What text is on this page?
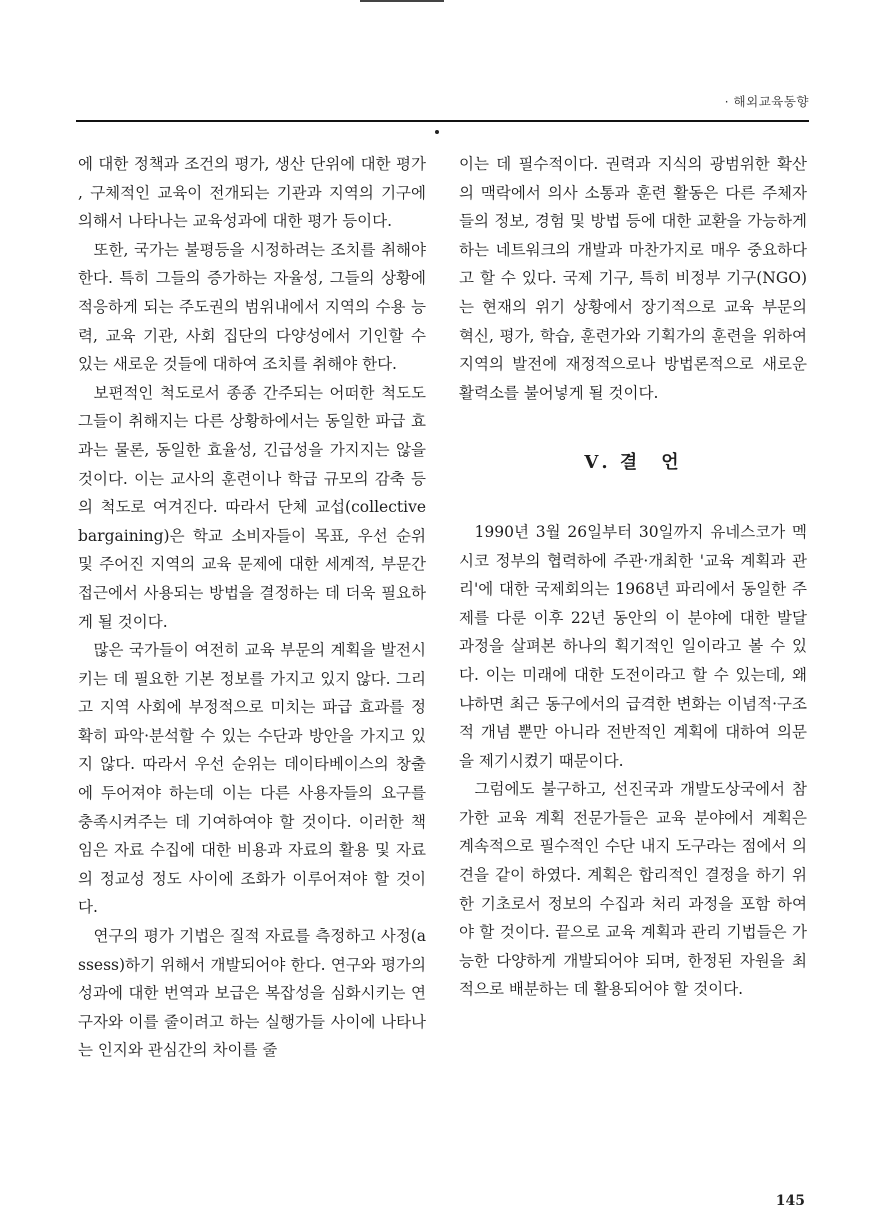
· 해외교육동향

에 대한 정책과 조건의 평가, 생산 단위에 대한 평가, 구체적인 교육이 전개되는 기관과 지역의 기구에 의해서 나타나는 교육성과에 대한 평가 등이다.

또한, 국가는 불평등을 시정하려는 조치를 취해야 한다. 특히 그들의 증가하는 자율성, 그들의 상황에 적응하게 되는 주도권의 범위내에서 지역의 수용 능력, 교육 기관, 사회 집단의 다양성에서 기인할 수 있는 새로운 것들에 대하여 조치를 취해야 한다.

보편적인 척도로서 종종 간주되는 어떠한 척도도 그들이 취해지는 다른 상황하에서는 동일한 파급 효과는 물론, 동일한 효율성, 긴급성을 가지지는 않을 것이다. 이는 교사의 훈련이나 학급 규모의 감축 등의 척도로 여겨진다. 따라서 단체 교섭(collective bargaining)은 학교 소비자들이 목표, 우선 순위 및 주어진 지역의 교육 문제에 대한 세계적, 부문간 접근에서 사용되는 방법을 결정하는 데 더욱 필요하게 될 것이다.

많은 국가들이 여전히 교육 부문의 계획을 발전시키는 데 필요한 기본 정보를 가지고 있지 않다. 그리고 지역 사회에 부정적으로 미치는 파급 효과를 정확히 파악·분석할 수 있는 수단과 방안을 가지고 있지 않다. 따라서 우선 순위는 데이타베이스의 창출에 두어져야 하는데 이는 다른 사용자들의 요구를 충족시켜주는 데 기여하여야 할 것이다. 이러한 책임은 자료 수집에 대한 비용과 자료의 활용 및 자료의 정교성 정도 사이에 조화가 이루어져야 할 것이다.

연구의 평가 기법은 질적 자료를 측정하고 사정(assess)하기 위해서 개발되어야 한다. 연구와 평가의 성과에 대한 번역과 보급은 복잡성을 심화시키는 연구자와 이를 줄이려고 하는 실행가들 사이에 나타나는 인지와 관심간의 차이를 줄

이는 데 필수적이다. 권력과 지식의 광범위한 확산의 맥락에서 의사 소통과 훈련 활동은 다른 주체자들의 정보, 경험 및 방법 등에 대한 교환을 가능하게 하는 네트워크의 개발과 마찬가지로 매우 중요하다고 할 수 있다. 국제 기구, 특히 비정부 기구(NGO)는 현재의 위기 상황에서 장기적으로 교육 부문의 혁신, 평가, 학습, 훈련가와 기획가의 훈련을 위하여 지역의 발전에 재정적으로나 방법론적으로 새로운 활력소를 불어넣게 될 것이다.

Ⅴ. 결　언

1990년 3월 26일부터 30일까지 유네스코가 멕시코 정부의 협력하에 주관·개최한 '교육 계획과 관리'에 대한 국제회의는 1968년 파리에서 동일한 주제를 다룬 이후 22년 동안의 이 분야에 대한 발달 과정을 살펴본 하나의 획기적인 일이라고 볼 수 있다. 이는 미래에 대한 도전이라고 할 수 있는데, 왜냐하면 최근 동구에서의 급격한 변화는 이념적·구조적 개념 뿐만 아니라 전반적인 계획에 대하여 의문을 제기시켰기 때문이다.

그럼에도 불구하고, 선진국과 개발도상국에서 참가한 교육 계획 전문가들은 교육 분야에서 계획은 계속적으로 필수적인 수단 내지 도구라는 점에서 의견을 같이 하였다. 계획은 합리적인 결정을 하기 위한 기초로서 정보의 수집과 처리 과정을 포함 하여야 할 것이다. 끝으로 교육 계획과 관리 기법들은 가능한 다양하게 개발되어야 되며, 한정된 자원을 최적으로 배분하는 데 활용되어야 할 것이다.

145
